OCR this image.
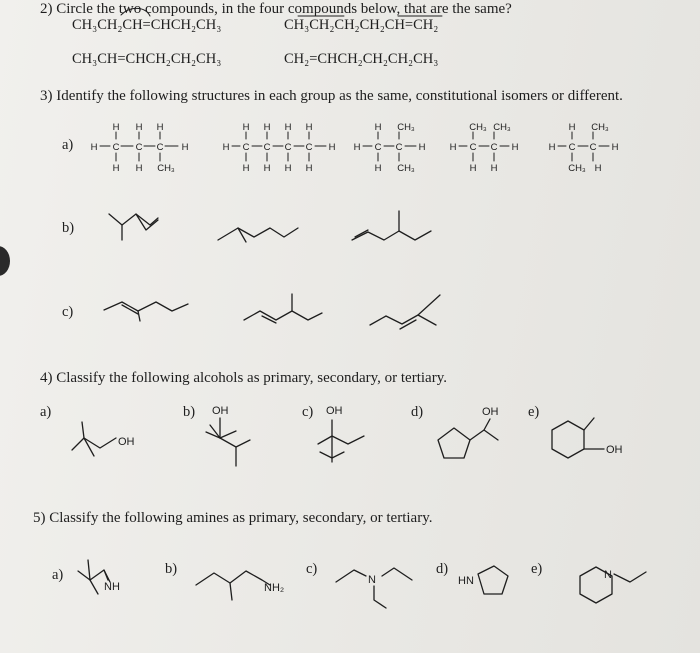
2) Circle the two compounds, in the four compounds below, that are the same?
CH₃CH₂CH=CHCH₂CH₃	CH₃CH₂CH₂CH₂CH=CH₂
CH₃CH=CHCH₂CH₂CH₃	CH₂=CHCH₂CH₂CH₂CH₃
3) Identify the following structures in each group as the same, constitutional isomers or different.
a)
b)
c)
4) Classify the following alcohols as primary, secondary, or tertiary.
a)	b)	c)	d)	e)
5) Classify the following amines as primary, secondary, or tertiary.
a)	b)	c)	d)	e)
H
H H H
C C C H
H H CH₃
H
H H H H
C C C C H
H H H H
H
H CH₃
C C H
H CH₃
H
CH₃ CH₃
C C H
H H
H
H CH₃
C C H
CH₃ H
OH
OH	OH	OH
OH
NH	NH₂
N	HN	N
